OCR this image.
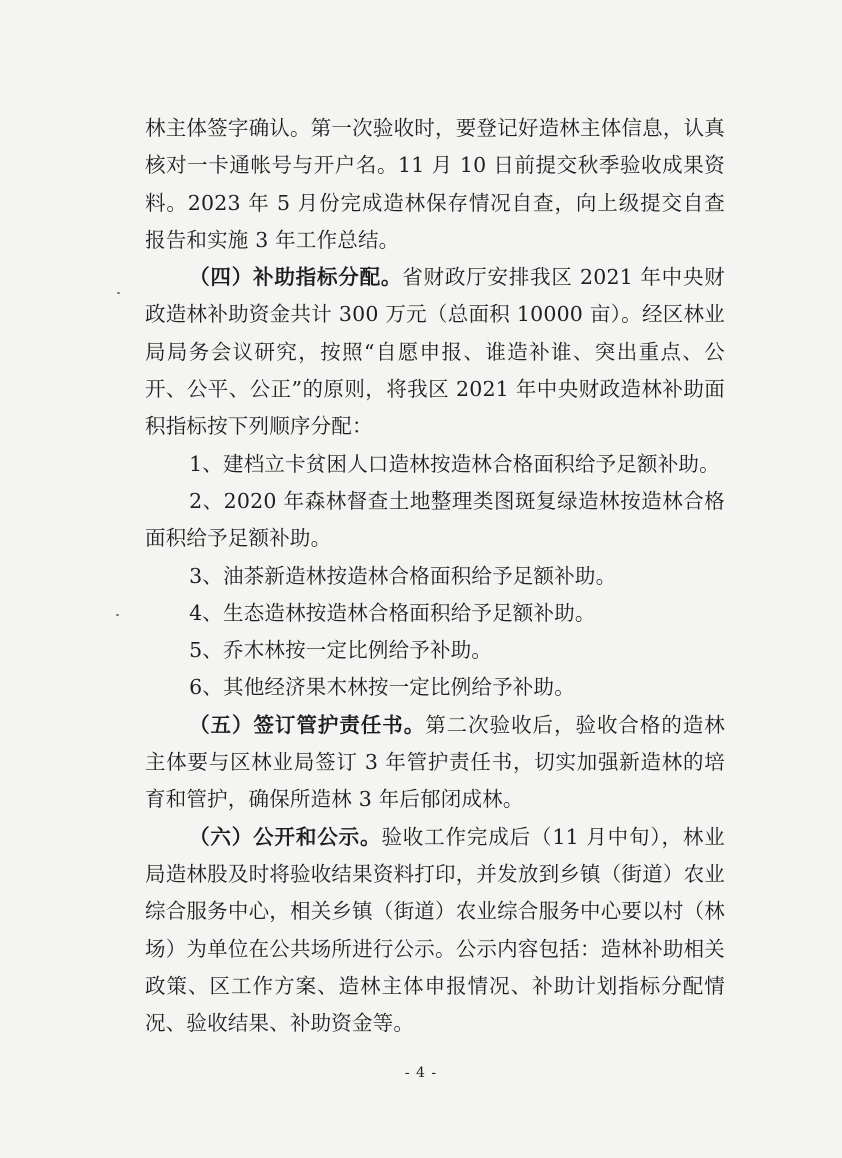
林主体签字确认。第一次验收时，要登记好造林主体信息，认真核对一卡通帐号与开户名。11 月 10 日前提交秋季验收成果资料。2023 年 5 月份完成造林保存情况自查，向上级提交自查报告和实施 3 年工作总结。

（四）补助指标分配。省财政厅安排我区 2021 年中央财政造林补助资金共计 300 万元（总面积 10000 亩）。经区林业局局务会议研究，按照“自愿申报、谁造补谁、突出重点、公开、公平、公正”的原则，将我区 2021 年中央财政造林补助面积指标按下列顺序分配：

1、建档立卡贫困人口造林按造林合格面积给予足额补助。

2、2020 年森林督查土地整理类图斑复绿造林按造林合格面积给予足额补助。

3、油茶新造林按造林合格面积给予足额补助。

4、生态造林按造林合格面积给予足额补助。

5、乔木林按一定比例给予补助。

6、其他经济果木林按一定比例给予补助。

（五）签订管护责任书。第二次验收后，验收合格的造林主体要与区林业局签订 3 年管护责任书，切实加强新造林的培育和管护，确保所造林 3 年后郁闭成林。

（六）公开和公示。验收工作完成后（11 月中旬），林业局造林股及时将验收结果资料打印，并发放到乡镇（街道）农业综合服务中心，相关乡镇（街道）农业综合服务中心要以村（林场）为单位在公共场所进行公示。公示内容包括：造林补助相关政策、区工作方案、造林主体申报情况、补助计划指标分配情况、验收结果、补助资金等。

- 4 -
